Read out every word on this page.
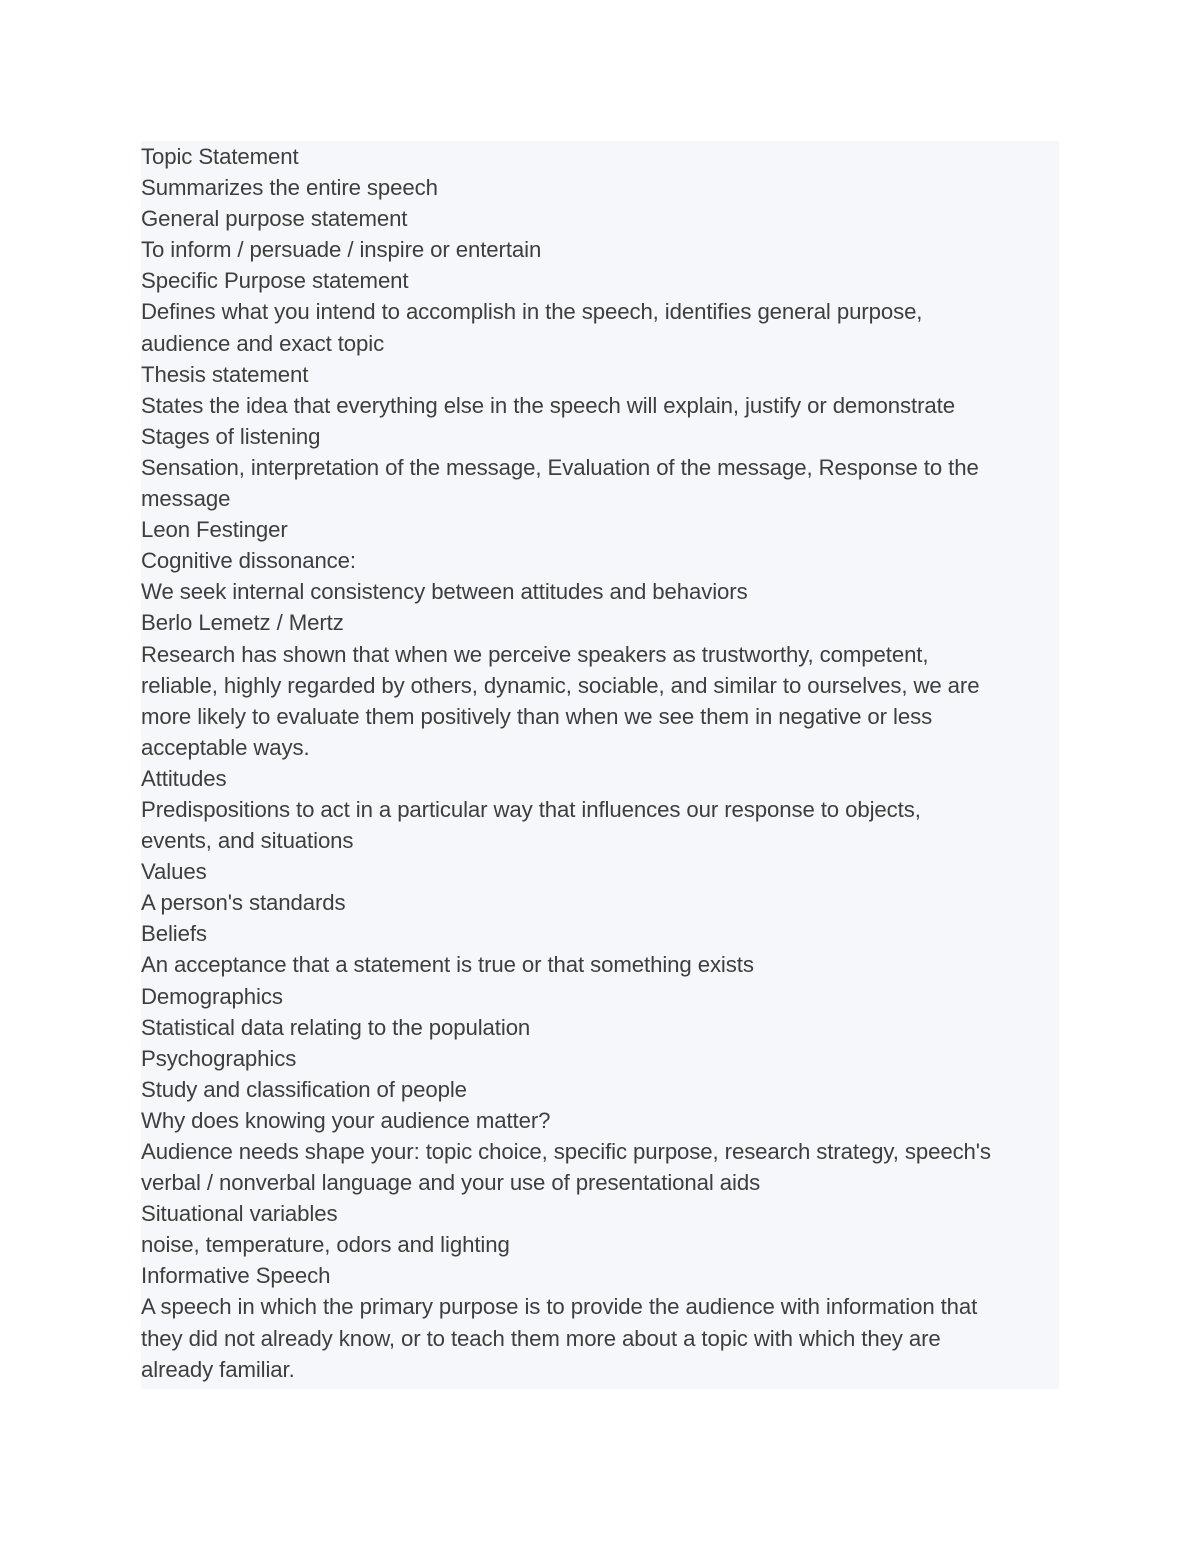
Topic Statement

Summarizes the entire speech

General purpose statement

To inform / persuade / inspire or entertain

Specific Purpose statement

Defines what you intend to accomplish in the speech, identifies general purpose,

audience and exact topic

Thesis statement

States the idea that everything else in the speech will explain, justify or demonstrate

Stages of listening

Sensation, interpretation of the message, Evaluation of the message, Response to the

message

Leon Festinger

Cognitive dissonance:

We seek internal consistency between attitudes and behaviors

Berlo Lemetz / Mertz

Research has shown that when we perceive speakers as trustworthy, competent,

reliable, highly regarded by others, dynamic, sociable, and similar to ourselves, we are

more likely to evaluate them positively than when we see them in negative or less

acceptable ways.

Attitudes

Predispositions to act in a particular way that influences our response to objects,

events, and situations

Values

A person's standards

Beliefs

An acceptance that a statement is true or that something exists

Demographics

Statistical data relating to the population

Psychographics

Study and classification of people

Why does knowing your audience matter?

Audience needs shape your: topic choice, specific purpose, research strategy, speech's

verbal / nonverbal language and your use of presentational aids

Situational variables

noise, temperature, odors and lighting

Informative Speech

A speech in which the primary purpose is to provide the audience with information that

they did not already know, or to teach them more about a topic with which they are

already familiar.
